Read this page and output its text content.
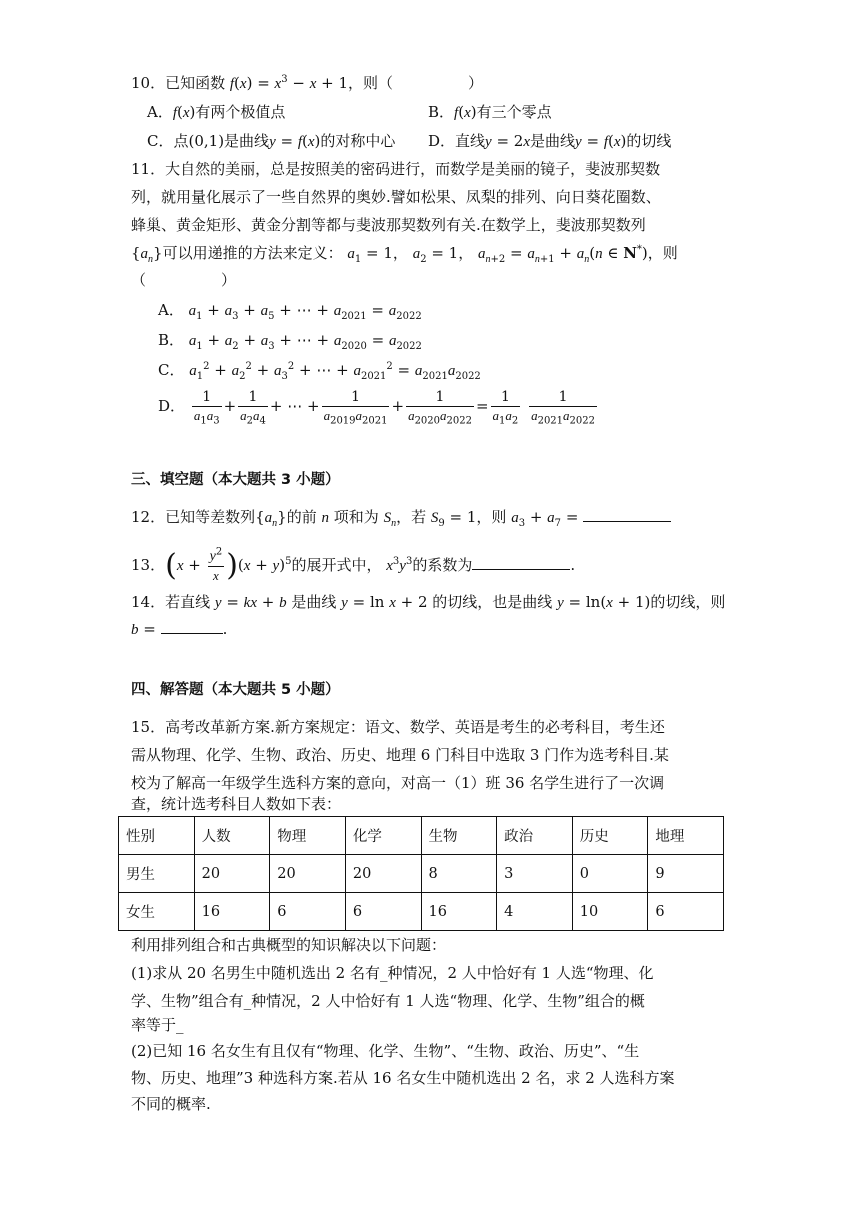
10．已知函数 $f(x) = x^3 - x + 1$，则（　　　　　）
A．f(x)有两个极值点	B．f(x)有三个零点
C．点(0,1)是曲线y = f(x)的对称中心 D．直线y = 2x是曲线y = f(x)的切线
11．大自然的美丽，总是按照美的密码进行，而数学是美丽的镜子，斐波那契数
列，就用量化展示了一些自然界的奥妙.譬如松果、凤梨的排列、向日葵花圈数、
蜂巢、黄金矩形、黄金分割等都与斐波那契数列有关.在数学上，斐波那契数列
$\{a_n\}$可以用递推的方法来定义： $a_1 = 1$， $a_2 = 1$， $a_{n+2} = a_{n+1} + a_n(n$ ∈ N*)，则
（　　　　　）
A． $a_1 + a_3 + a_5$ + ⋯ + $a_{2021} = a_{2022}$
B． $a_1 + a_2 + a_3$ + ⋯ + $a_{2020} = a_{2022}$
C． $a_1^2 + a_2^2 + a_3^2$ + ⋯ + $a_{2021}^2 = a_{2021}a_{2022}$
D． $\frac{1}{a_1a_3} + \frac{1}{a_2a_4}$ + ⋯ + $\frac{1}{a_{2019}a_{2021}} + \frac{1}{a_{2020}a_{2022}} = \frac{1}{a_1a_2}$
$\frac{1}{a_{2021}a_{2022}}$
三、填空题（本大题共 3 小题）
12．已知等差数列$\{a_n\}$的前 n 项和为 $S_n$，若 $S_9 = 1$，则 $a_3 + a_7$ =
13．$(x + \frac{y^2}{x} )(x + y)^5$的展开式中， $x^3y^3$的系数为	.
14．若直线 y = kx + b 是曲线 y = ln x + 2 的切线，也是曲线 y = ln(x + 1)的切线，则
b =	.
四、解答题（本大题共 5 小题）
15．高考改革新方案.新方案规定：语文、数学、英语是考生的必考科目，考生还
需从物理、化学、生物、政治、历史、地理 6 门科目中选取 3 门作为选考科目.某
校为了解高一年级学生选科方案的意向，对高一（1）班 36 名学生进行了一次调
查，统计选考科目人数如下表：
性别	人数	物理	化学	生物	政治	历史	地理
男生	20	20	20	8	3	0	9
女生	16	6	6	16	4	10	6
利用排列组合和古典概型的知识解决以下问题：
(1)求从 20 名男生中随机选出 2 名有_种情况，2 人中恰好有 1 人选“物理、化
学、生物”组合有_种情况，2 人中恰好有 1 人选“物理、化学、生物”组合的概
率等于_
(2)已知 16 名女生有且仅有“物理、化学、生物”、“生物、政治、历史”、“生
物、历史、地理”3 种选科方案.若从 16 名女生中随机选出 2 名，求 2 人选科方案
不同的概率.
